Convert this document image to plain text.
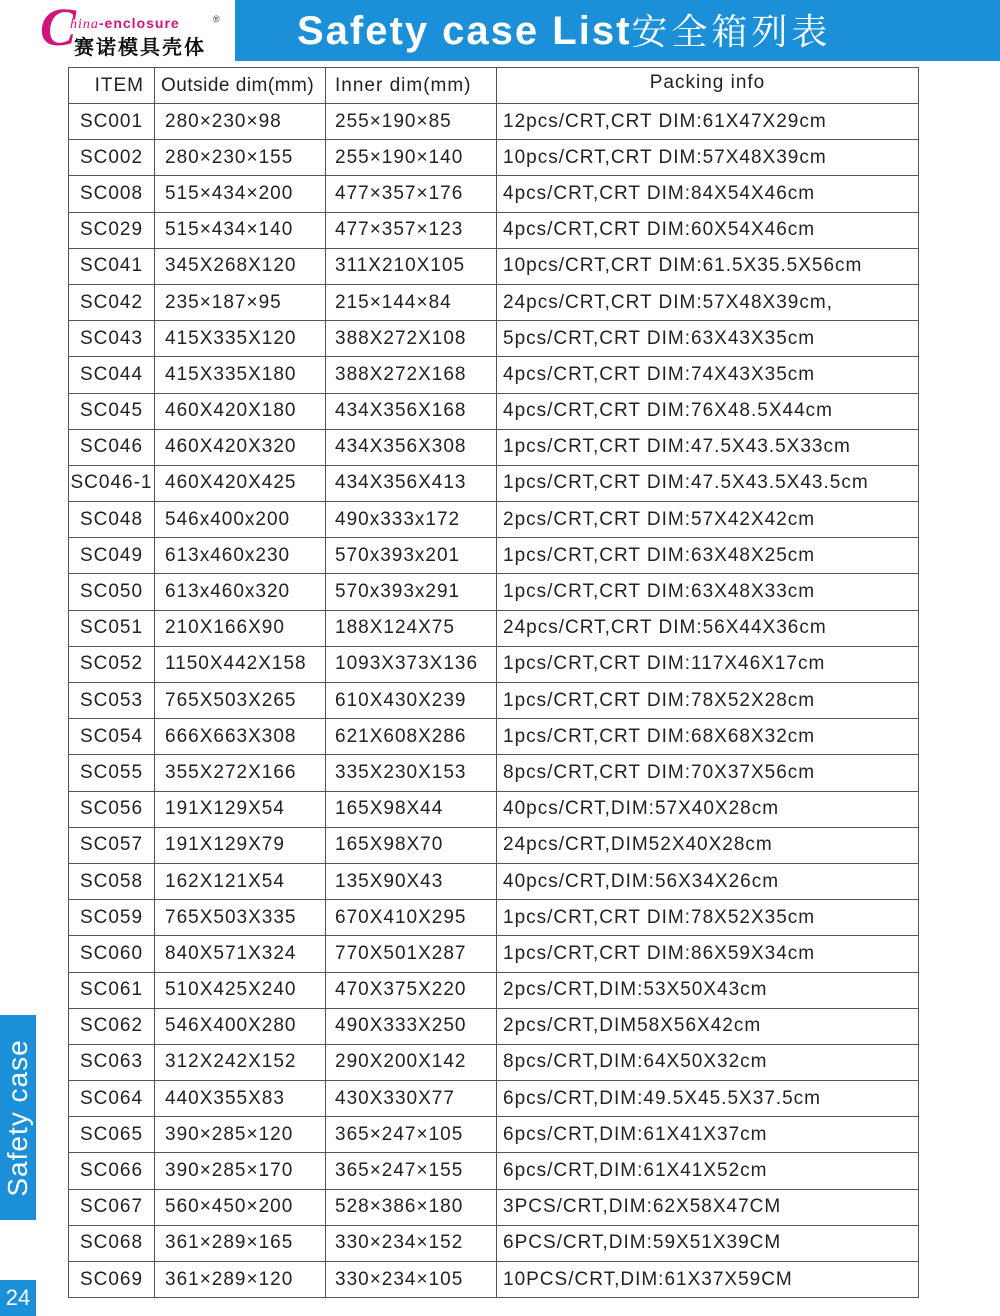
C
hina-enclosure	®
赛诺模具壳体 Safety case List安全箱列表
ITEM	Outside dim(mm)	Inner dim(mm)	Packing info
SC001	280×230×98	255×190×85	12pcs/CRT,CRT DIM:61X47X29cm
SC002	280×230×155	255×190×140	10pcs/CRT,CRT DIM:57X48X39cm
SC008	515×434×200	477×357×176	4pcs/CRT,CRT DIM:84X54X46cm
SC029	515×434×140	477×357×123	4pcs/CRT,CRT DIM:60X54X46cm
SC041	345X268X120	311X210X105	10pcs/CRT,CRT DIM:61.5X35.5X56cm
SC042	235×187×95	215×144×84	24pcs/CRT,CRT DIM:57X48X39cm,
SC043	415X335X120	388X272X108	5pcs/CRT,CRT DIM:63X43X35cm
SC044	415X335X180	388X272X168	4pcs/CRT,CRT DIM:74X43X35cm
SC045	460X420X180	434X356X168	4pcs/CRT,CRT DIM:76X48.5X44cm
SC046	460X420X320	434X356X308	1pcs/CRT,CRT DIM:47.5X43.5X33cm
SC046-1	460X420X425	434X356X413	1pcs/CRT,CRT DIM:47.5X43.5X43.5cm
SC048	546x400x200	490x333x172	2pcs/CRT,CRT DIM:57X42X42cm
SC049	613x460x230	570x393x201	1pcs/CRT,CRT DIM:63X48X25cm
SC050	613x460x320	570x393x291	1pcs/CRT,CRT DIM:63X48X33cm
SC051	210X166X90	188X124X75	24pcs/CRT,CRT DIM:56X44X36cm
SC052	1150X442X158	1093X373X136	1pcs/CRT,CRT DIM:117X46X17cm
SC053	765X503X265	610X430X239	1pcs/CRT,CRT DIM:78X52X28cm
SC054	666X663X308	621X608X286	1pcs/CRT,CRT DIM:68X68X32cm
SC055	355X272X166	335X230X153	8pcs/CRT,CRT DIM:70X37X56cm
SC056	191X129X54	165X98X44	40pcs/CRT,DIM:57X40X28cm
SC057	191X129X79	165X98X70	24pcs/CRT,DIM52X40X28cm
SC058	162X121X54	135X90X43	40pcs/CRT,DIM:56X34X26cm
SC059	765X503X335	670X410X295	1pcs/CRT,CRT DIM:78X52X35cm
SC060	840X571X324	770X501X287	1pcs/CRT,CRT DIM:86X59X34cm
SC061	510X425X240	470X375X220	2pcs/CRT,DIM:53X50X43cm
SC062	546X400X280	490X333X250	2pcs/CRT,DIM58X56X42cm
SC063	312X242X152	290X200X142	8pcs/CRT,DIM:64X50X32cm
SC064	440X355X83	430X330X77	6pcs/CRT,DIM:49.5X45.5X37.5cm
SC065	390×285×120	365×247×105	6pcs/CRT,DIM:61X41X37cm
SC066	390×285×170	365×247×155	6pcs/CRT,DIM:61X41X52cm
SC067	560×450×200	528×386×180	3PCS/CRT,DIM:62X58X47CM
SC068	361×289×165	330×234×152	6PCS/CRT,DIM:59X51X39CM
SC069	361×289×120	330×234×105	10PCS/CRT,DIM:61X37X59CM
Safety case
24
